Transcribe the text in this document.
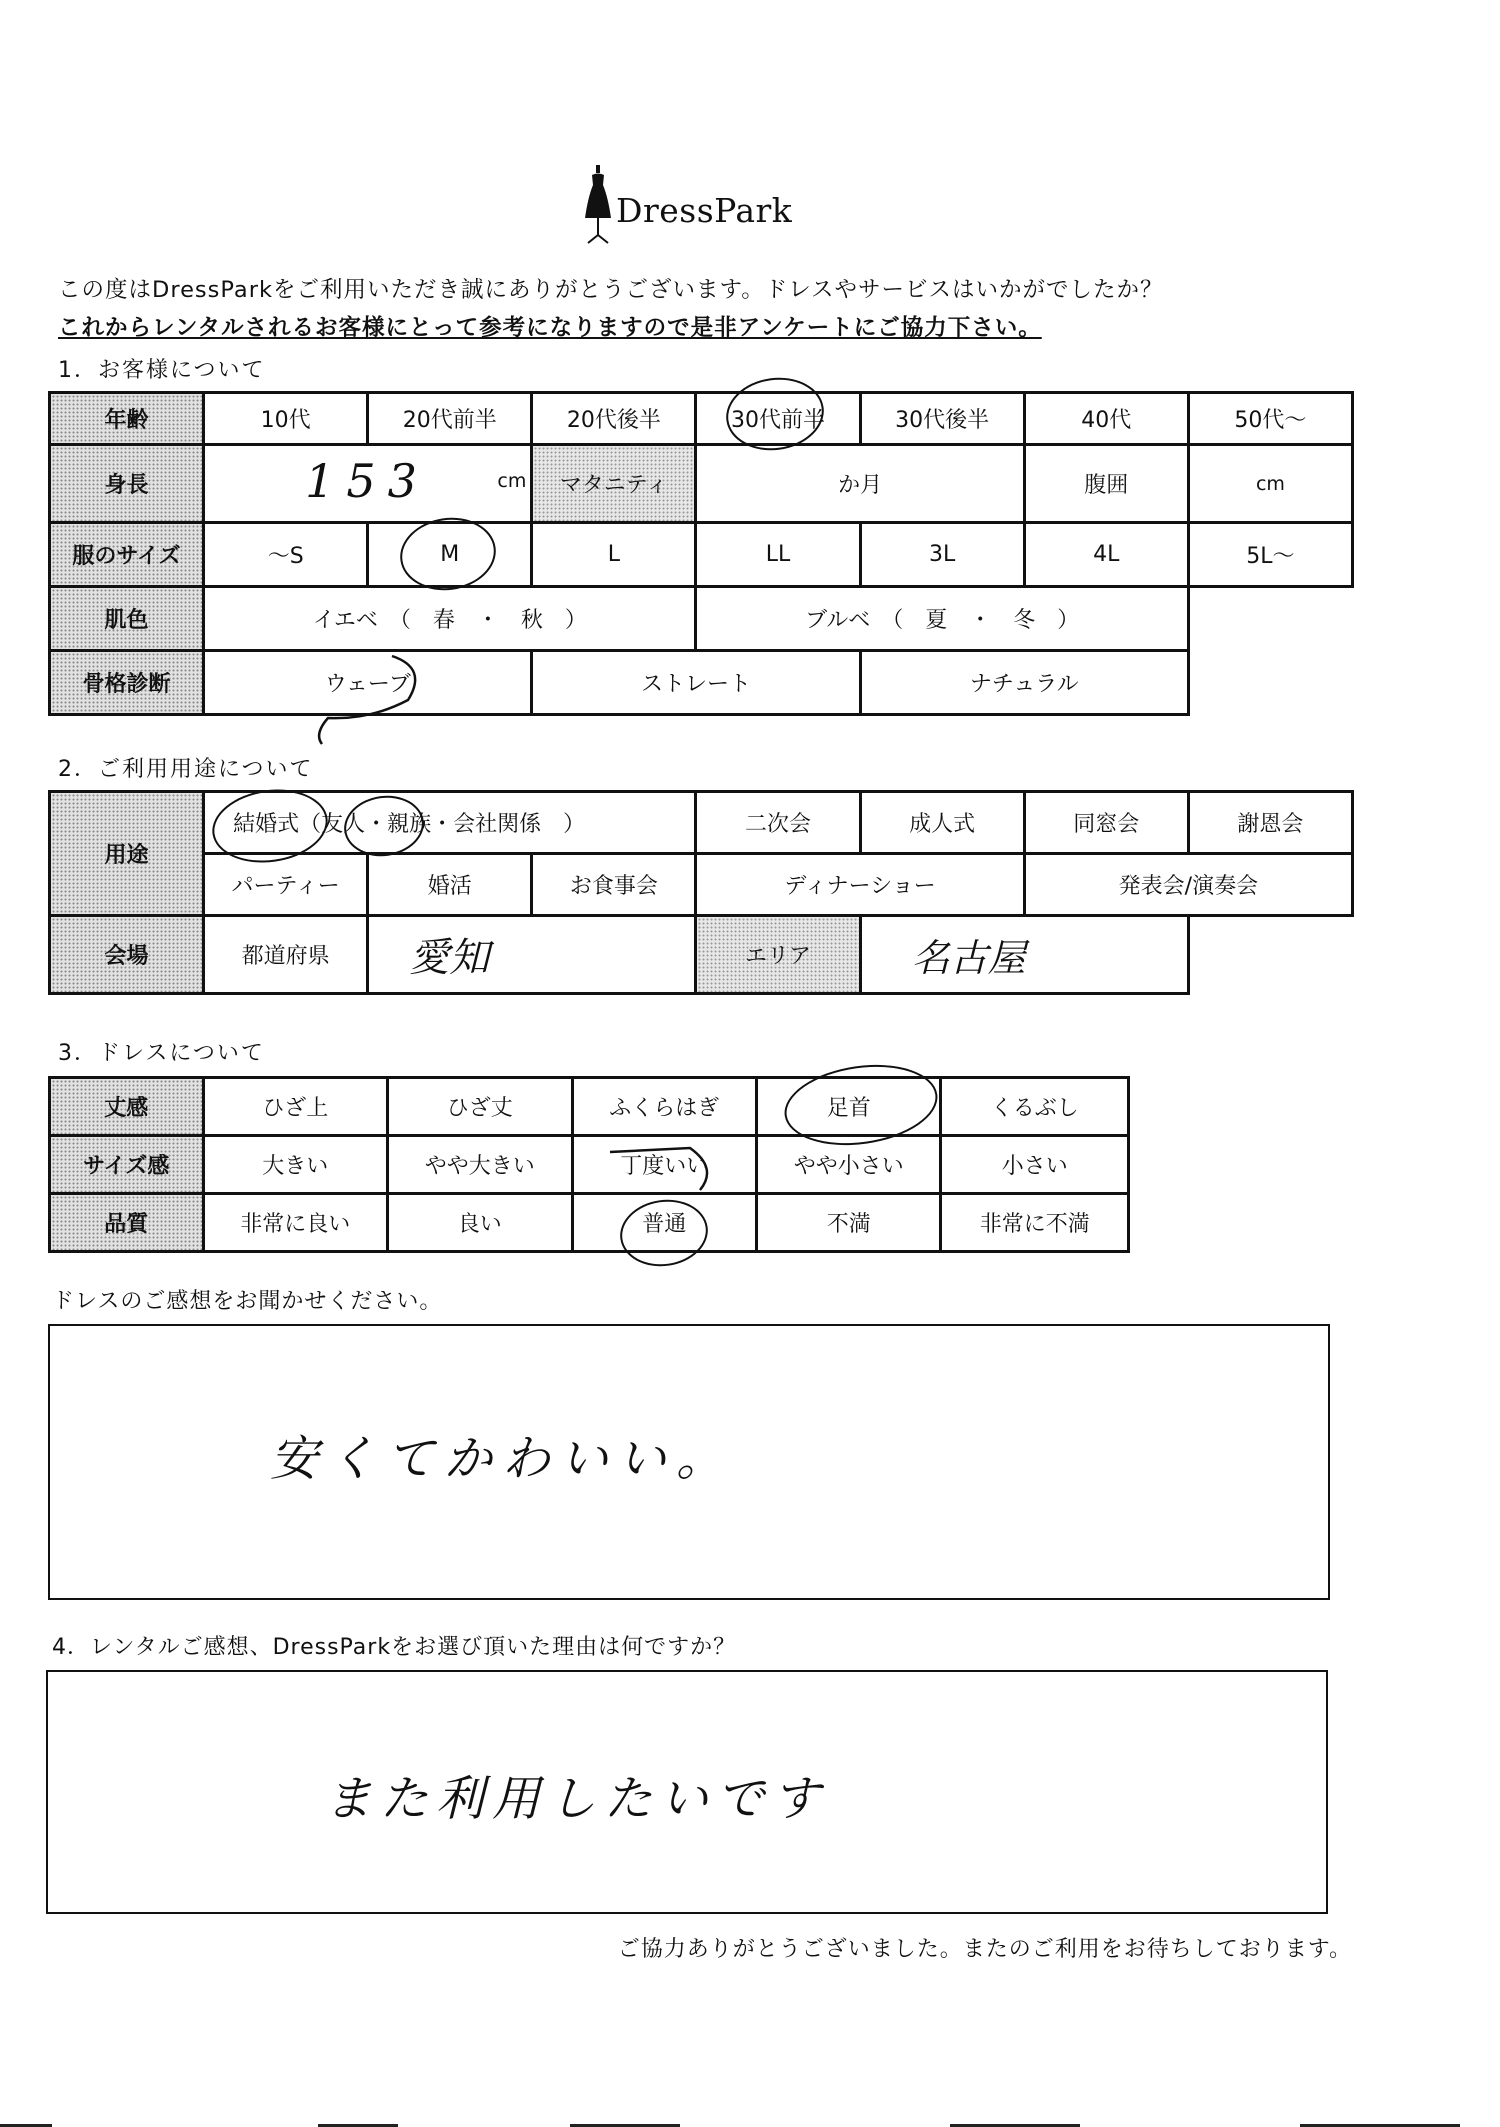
DressPark
この度はDressParkをご利用いただき誠にありがとうございます。ドレスやサービスはいかがでしたか？
これからレンタルされるお客様にとって参考になりますので是非アンケートにご協力下さい。
1．お客様について
年齢	10代	20代前半	20代後半	30代前半	30代後半	40代	50代～
身長	153 cm		マタニティ	か月		腹囲	cm
服のサイズ	～S	M	L	LL	3L	4L	5L～
肌色	イエベ　（　春　・　秋　）			ブルベ　（　夏　・　冬　）			
骨格診断	ウェーブ		ストレート		ナチュラル		
2．ご利用用途について
用途	結婚式（友人・親族・会社関係　）			二次会	成人式	同窓会	謝恩会
	パーティー	婚活	お食事会	ディナーショー		発表会/演奏会	
会場	都道府県	愛知		エリア	名古屋		
3．ドレスについて
丈感	ひざ上	ひざ丈	ふくらはぎ	足首	くるぶし
サイズ感	大きい	やや大きい	丁度いい	やや小さい	小さい
品質	非常に良い	良い	普通	不満	非常に不満
ドレスのご感想をお聞かせください。
安くてかわいい。
4．レンタルご感想、DressParkをお選び頂いた理由は何ですか？
また利用したいです
ご協力ありがとうございました。またのご利用をお待ちしております。
